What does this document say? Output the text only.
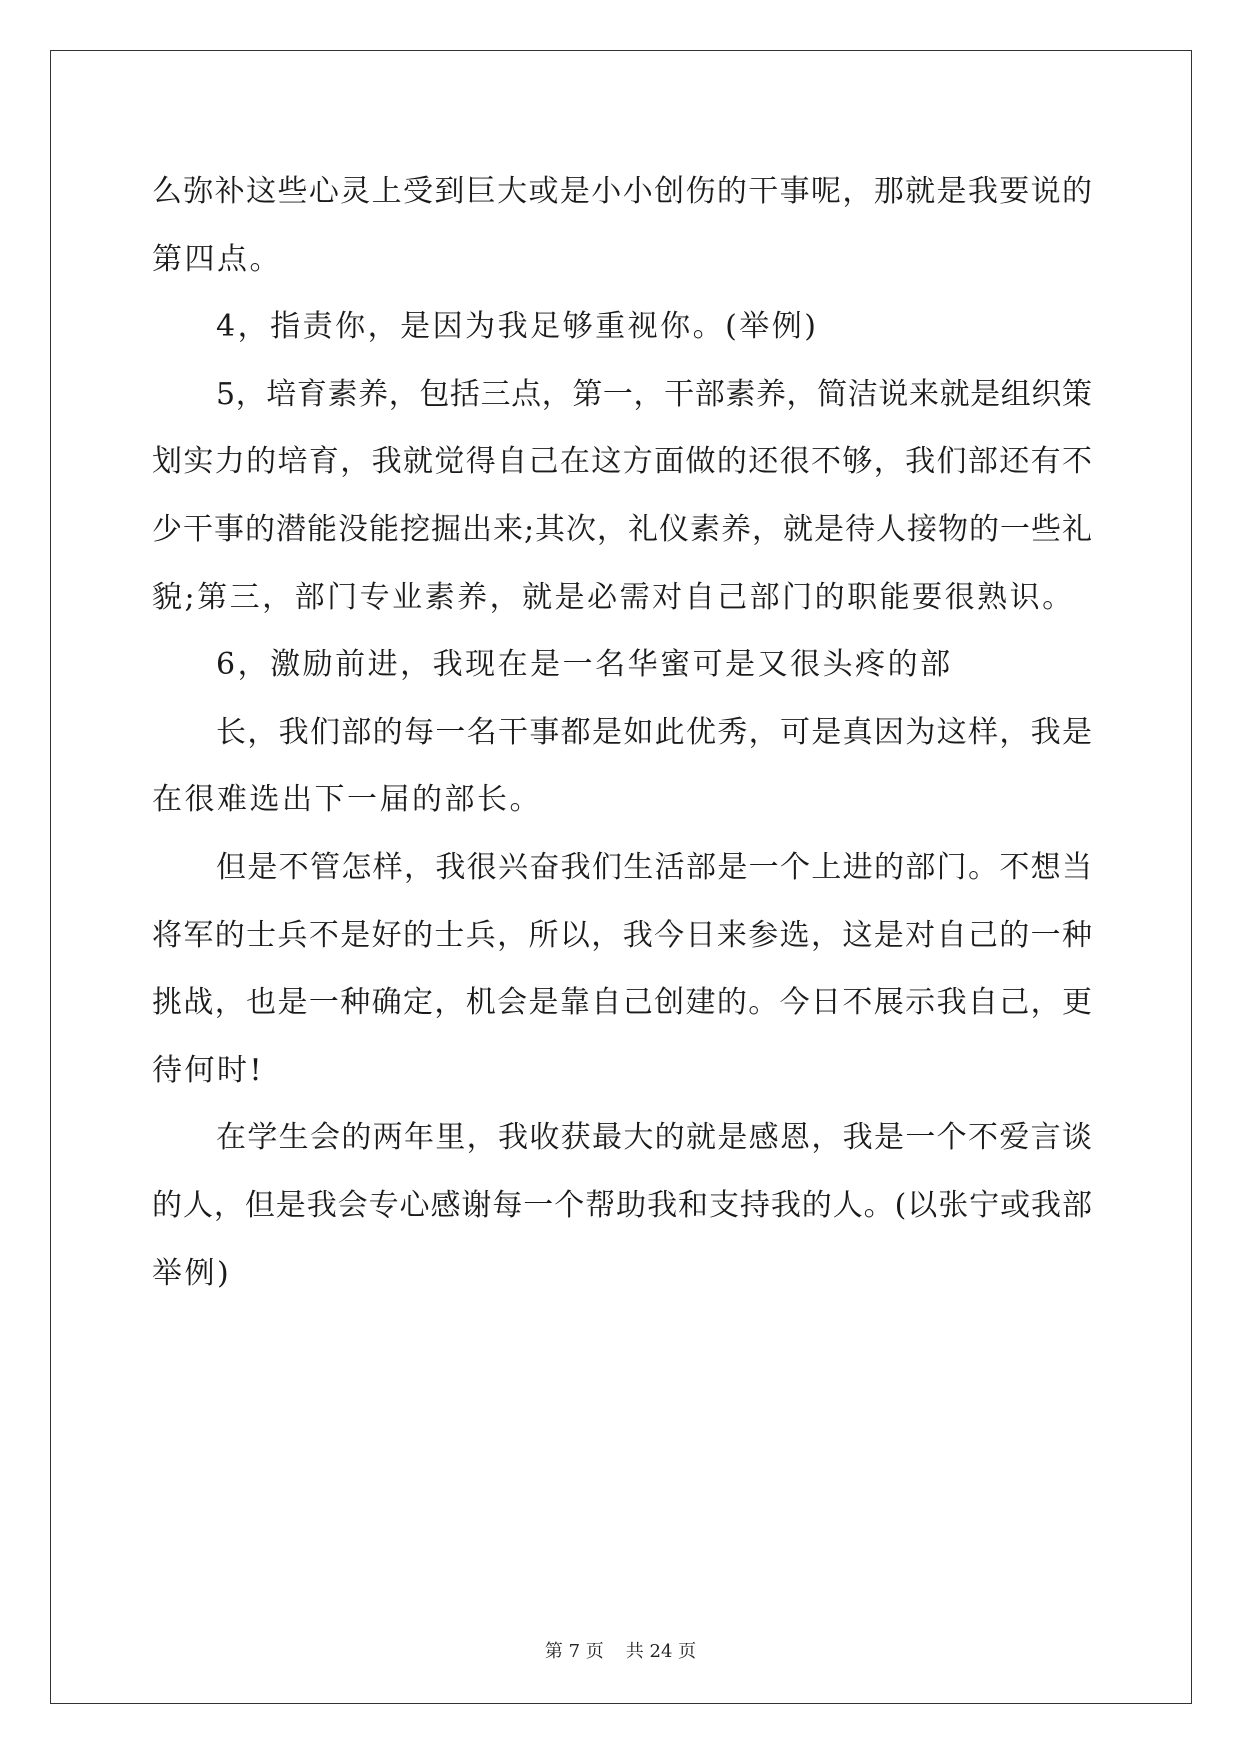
么弥补这些心灵上受到巨大或是小小创伤的干事呢，那就是我要说的
第四点。
4，指责你，是因为我足够重视你。(举例)
5，培育素养，包括三点，第一，干部素养，简洁说来就是组织策
划实力的培育，我就觉得自己在这方面做的还很不够，我们部还有不
少干事的潜能没能挖掘出来;其次，礼仪素养，就是待人接物的一些礼
貌;第三，部门专业素养，就是必需对自己部门的职能要很熟识。
6，激励前进，我现在是一名华蜜可是又很头疼的部
长，我们部的每一名干事都是如此优秀，可是真因为这样，我是
在很难选出下一届的部长。
但是不管怎样，我很兴奋我们生活部是一个上进的部门。不想当
将军的士兵不是好的士兵，所以，我今日来参选，这是对自己的一种
挑战，也是一种确定，机会是靠自己创建的。今日不展示我自己，更
待何时!
在学生会的两年里，我收获最大的就是感恩，我是一个不爱言谈
的人，但是我会专心感谢每一个帮助我和支持我的人。(以张宁或我部
举例)
第 7 页 共 24 页
